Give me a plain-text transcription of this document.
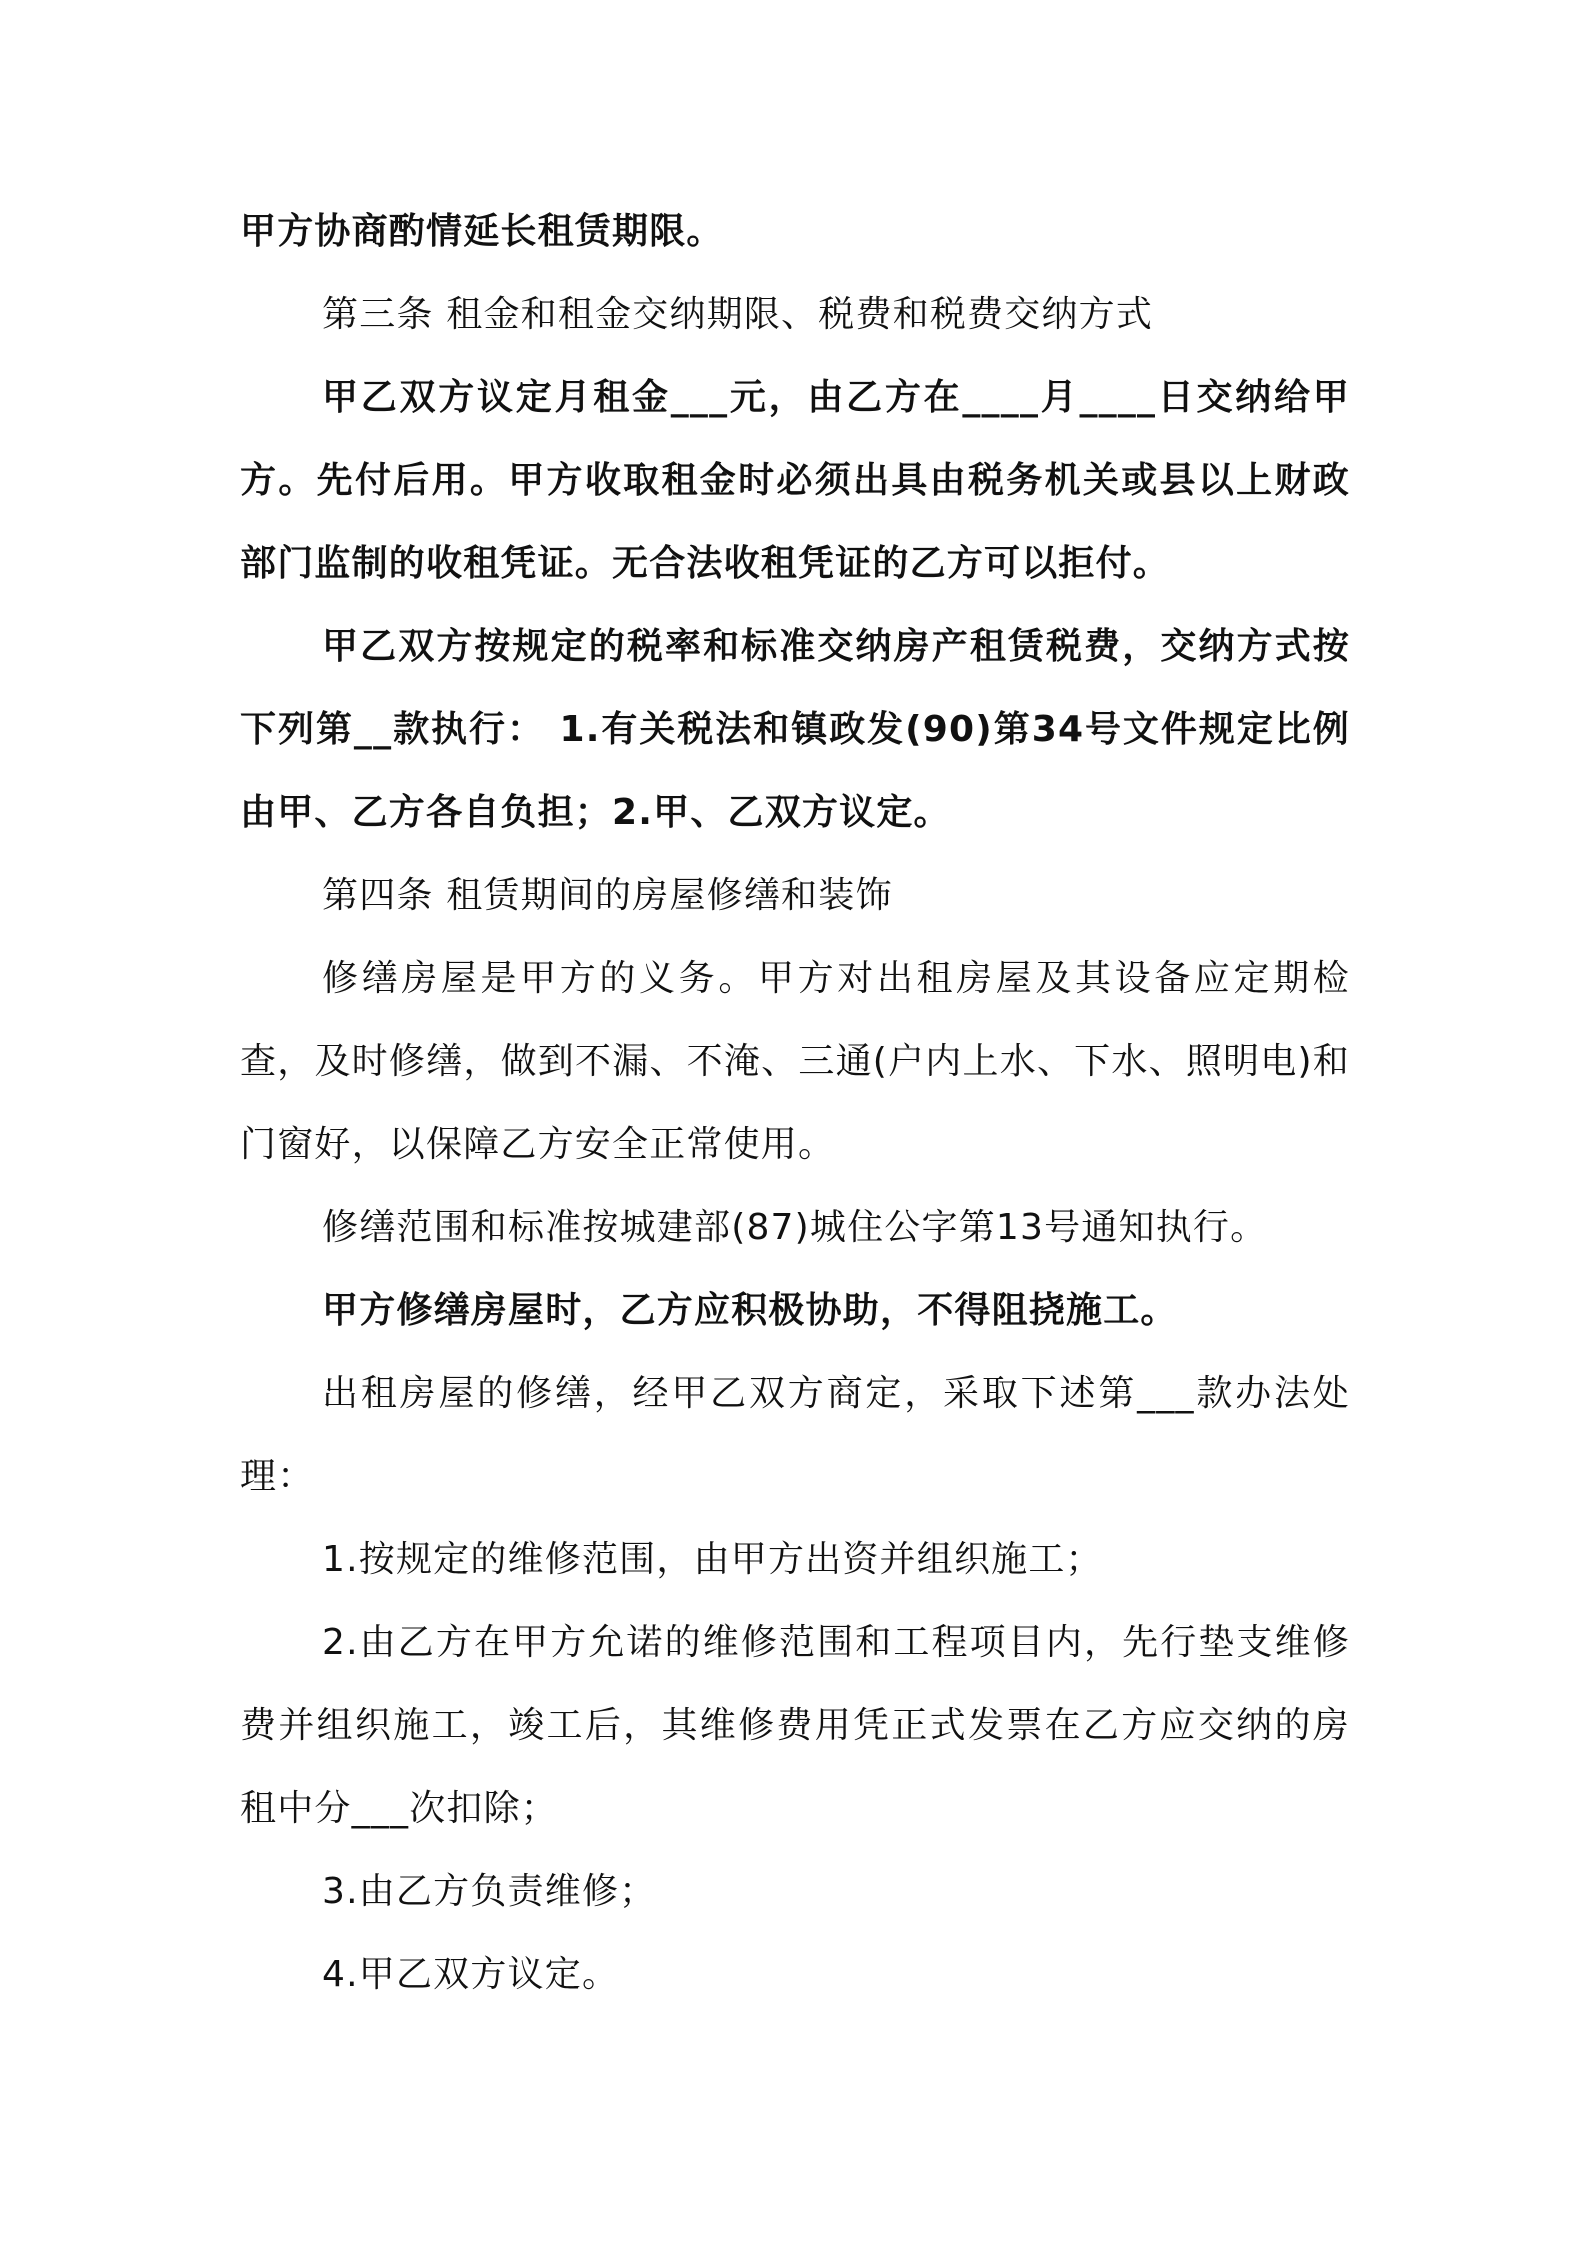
甲方协商酌情延长租赁期限。

第三条 租金和租金交纳期限、税费和税费交纳方式

甲乙双方议定月租金___元，由乙方在____月____日交纳给甲方。先付后用。甲方收取租金时必须出具由税务机关或县以上财政部门监制的收租凭证。无合法收租凭证的乙方可以拒付。

甲乙双方按规定的税率和标准交纳房产租赁税费，交纳方式按下列第__款执行： 1.有关税法和镇政发(90)第34号文件规定比例由甲、乙方各自负担；2.甲、乙双方议定。

第四条 租赁期间的房屋修缮和装饰

修缮房屋是甲方的义务。甲方对出租房屋及其设备应定期检查，及时修缮，做到不漏、不淹、三通(户内上水、下水、照明电)和门窗好，以保障乙方安全正常使用。

修缮范围和标准按城建部(87)城住公字第13号通知执行。

甲方修缮房屋时，乙方应积极协助，不得阻挠施工。

出租房屋的修缮，经甲乙双方商定，采取下述第___款办法处理：

1.按规定的维修范围，由甲方出资并组织施工；

2.由乙方在甲方允诺的维修范围和工程项目内，先行垫支维修费并组织施工，竣工后，其维修费用凭正式发票在乙方应交纳的房租中分___次扣除；

3.由乙方负责维修；

4.甲乙双方议定。
